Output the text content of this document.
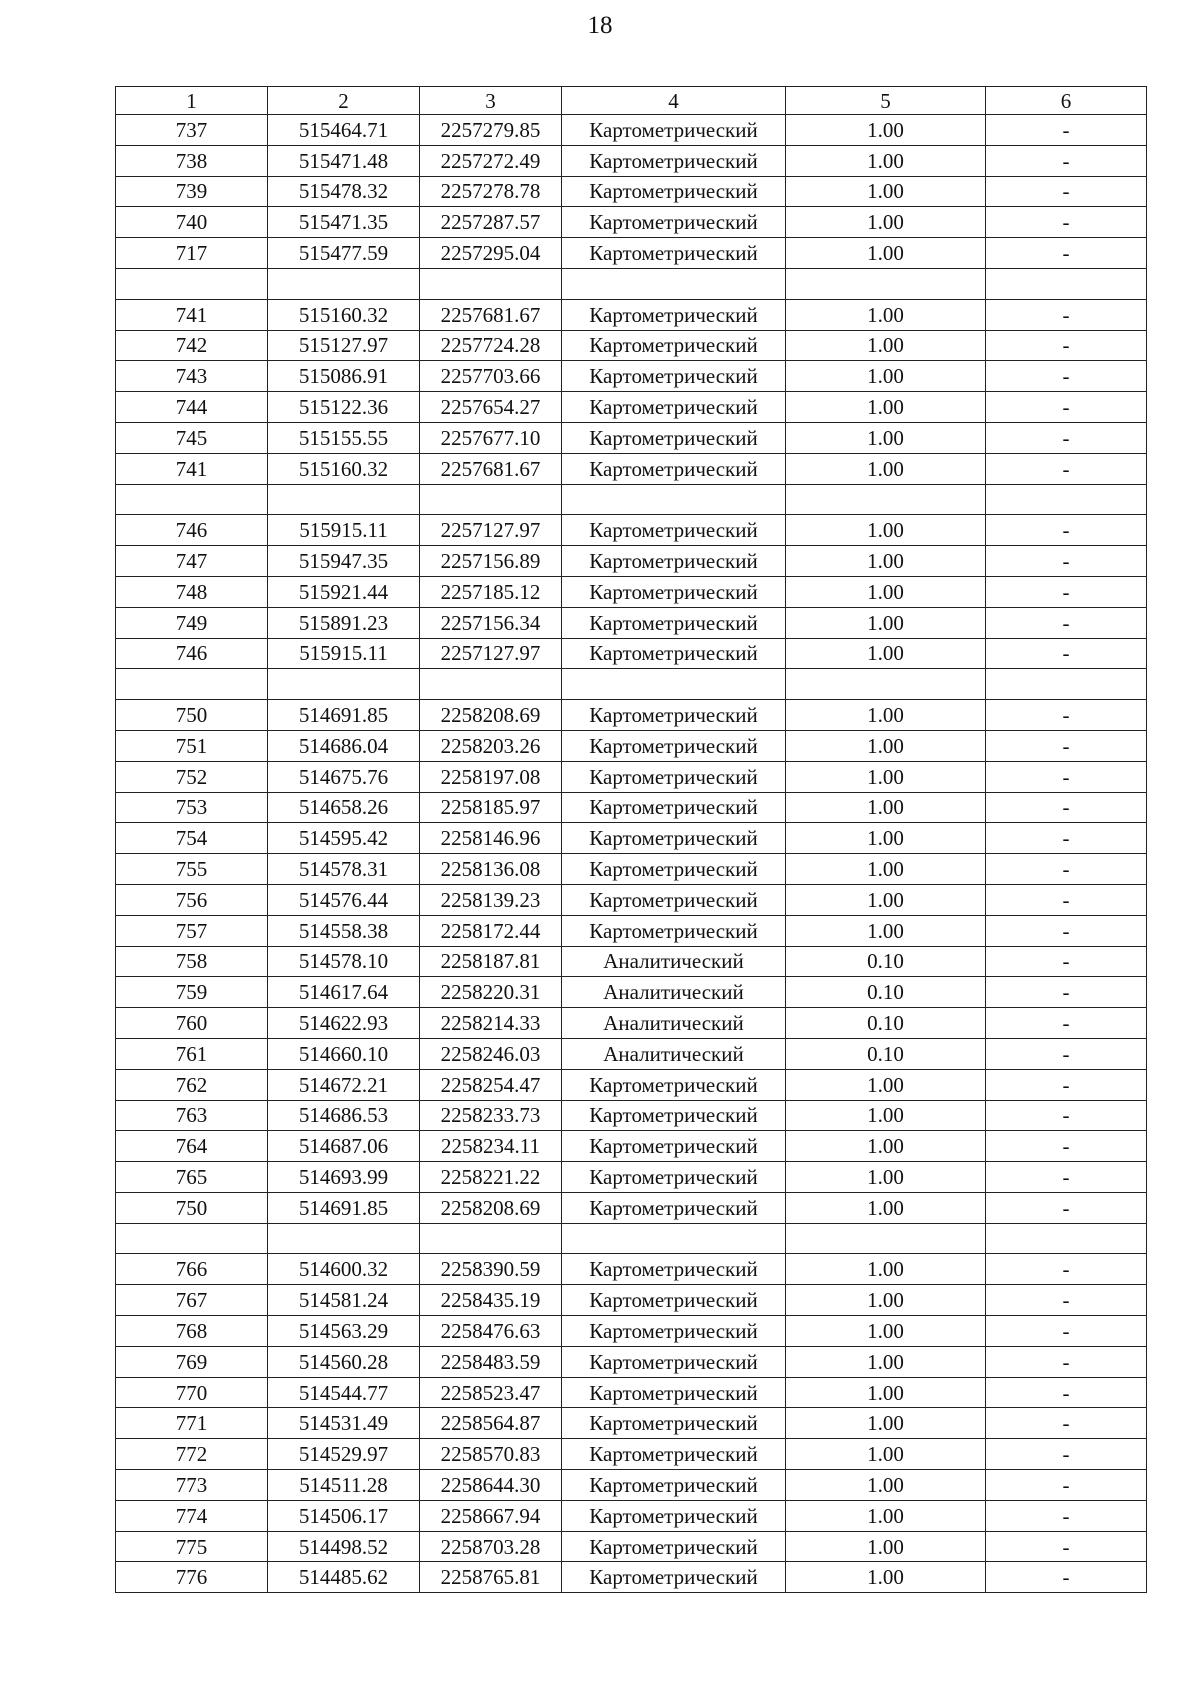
18
1	2	3	4	5	6
737	515464.71	2257279.85	Картометрический	1.00	-
738	515471.48	2257272.49	Картометрический	1.00	-
739	515478.32	2257278.78	Картометрический	1.00	-
740	515471.35	2257287.57	Картометрический	1.00	-
717	515477.59	2257295.04	Картометрический	1.00	-

741	515160.32	2257681.67	Картометрический	1.00	-
742	515127.97	2257724.28	Картометрический	1.00	-
743	515086.91	2257703.66	Картометрический	1.00	-
744	515122.36	2257654.27	Картометрический	1.00	-
745	515155.55	2257677.10	Картометрический	1.00	-
741	515160.32	2257681.67	Картометрический	1.00	-

746	515915.11	2257127.97	Картометрический	1.00	-
747	515947.35	2257156.89	Картометрический	1.00	-
748	515921.44	2257185.12	Картометрический	1.00	-
749	515891.23	2257156.34	Картометрический	1.00	-
746	515915.11	2257127.97	Картометрический	1.00	-

750	514691.85	2258208.69	Картометрический	1.00	-
751	514686.04	2258203.26	Картометрический	1.00	-
752	514675.76	2258197.08	Картометрический	1.00	-
753	514658.26	2258185.97	Картометрический	1.00	-
754	514595.42	2258146.96	Картометрический	1.00	-
755	514578.31	2258136.08	Картометрический	1.00	-
756	514576.44	2258139.23	Картометрический	1.00	-
757	514558.38	2258172.44	Картометрический	1.00	-
758	514578.10	2258187.81	Аналитический	0.10	-
759	514617.64	2258220.31	Аналитический	0.10	-
760	514622.93	2258214.33	Аналитический	0.10	-
761	514660.10	2258246.03	Аналитический	0.10	-
762	514672.21	2258254.47	Картометрический	1.00	-
763	514686.53	2258233.73	Картометрический	1.00	-
764	514687.06	2258234.11	Картометрический	1.00	-
765	514693.99	2258221.22	Картометрический	1.00	-
750	514691.85	2258208.69	Картометрический	1.00	-

766	514600.32	2258390.59	Картометрический	1.00	-
767	514581.24	2258435.19	Картометрический	1.00	-
768	514563.29	2258476.63	Картометрический	1.00	-
769	514560.28	2258483.59	Картометрический	1.00	-
770	514544.77	2258523.47	Картометрический	1.00	-
771	514531.49	2258564.87	Картометрический	1.00	-
772	514529.97	2258570.83	Картометрический	1.00	-
773	514511.28	2258644.30	Картометрический	1.00	-
774	514506.17	2258667.94	Картометрический	1.00	-
775	514498.52	2258703.28	Картометрический	1.00	-
776	514485.62	2258765.81	Картометрический	1.00	-
